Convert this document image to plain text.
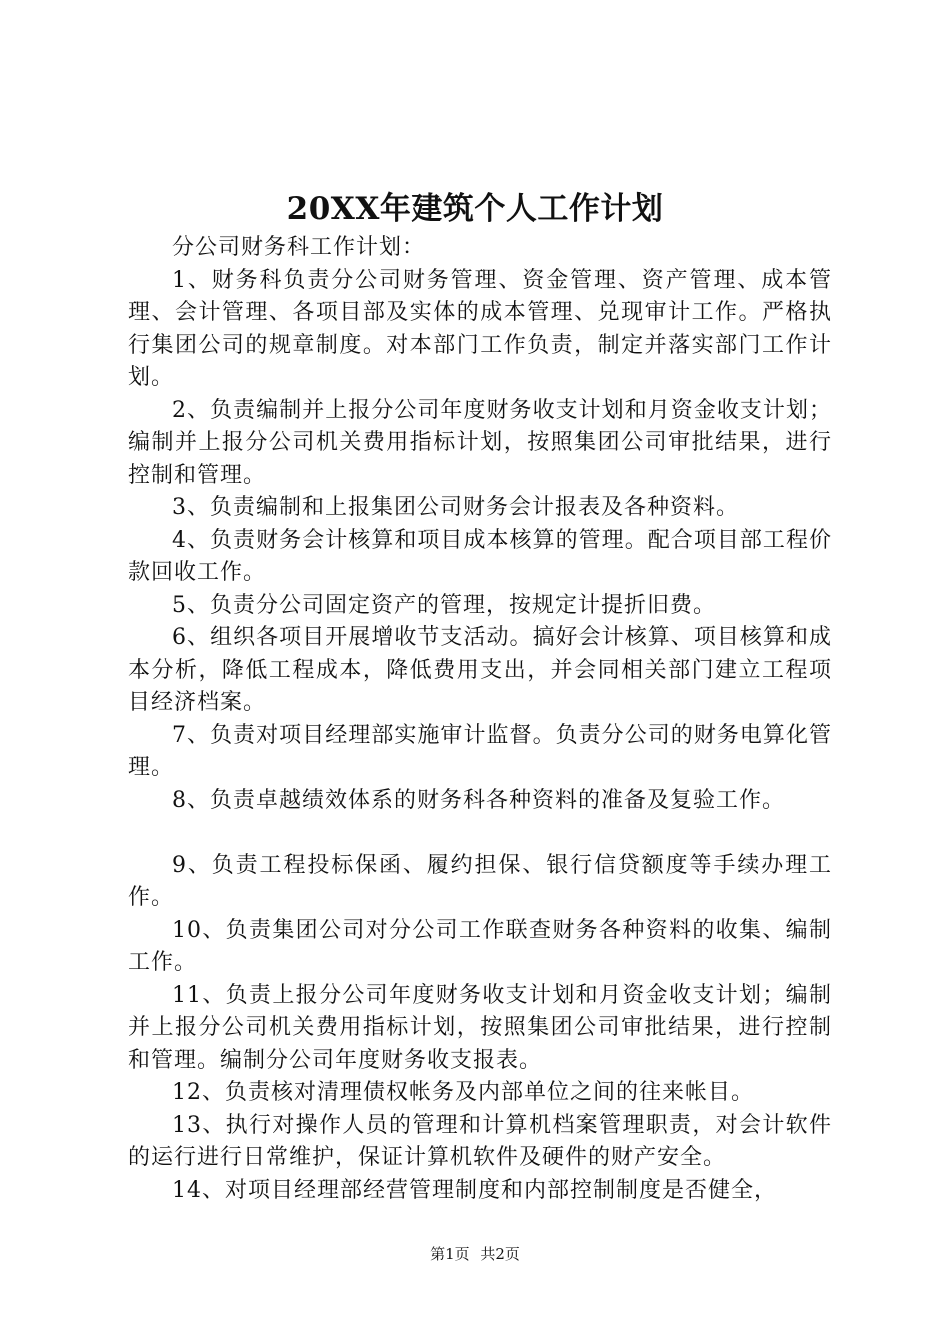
20XX年建筑个人工作计划

分公司财务科工作计划：

1、财务科负责分公司财务管理、资金管理、资产管理、成本管理、会计管理、各项目部及实体的成本管理、兑现审计工作。严格执行集团公司的规章制度。对本部门工作负责，制定并落实部门工作计划。

2、负责编制并上报分公司年度财务收支计划和月资金收支计划；编制并上报分公司机关费用指标计划，按照集团公司审批结果，进行控制和管理。

3、负责编制和上报集团公司财务会计报表及各种资料。

4、负责财务会计核算和项目成本核算的管理。配合项目部工程价款回收工作。

5、负责分公司固定资产的管理，按规定计提折旧费。

6、组织各项目开展增收节支活动。搞好会计核算、项目核算和成本分析，降低工程成本，降低费用支出，并会同相关部门建立工程项目经济档案。

7、负责对项目经理部实施审计监督。负责分公司的财务电算化管理。

8、负责卓越绩效体系的财务科各种资料的准备及复验工作。

9、负责工程投标保函、履约担保、银行信贷额度等手续办理工作。

10、负责集团公司对分公司工作联查财务各种资料的收集、编制工作。

11、负责上报分公司年度财务收支计划和月资金收支计划；编制并上报分公司机关费用指标计划，按照集团公司审批结果，进行控制和管理。编制分公司年度财务收支报表。

12、负责核对清理债权帐务及内部单位之间的往来帐目。

13、执行对操作人员的管理和计算机档案管理职责，对会计软件的运行进行日常维护，保证计算机软件及硬件的财产安全。

14、对项目经理部经营管理制度和内部控制制度是否健全，

第1页 共2页
